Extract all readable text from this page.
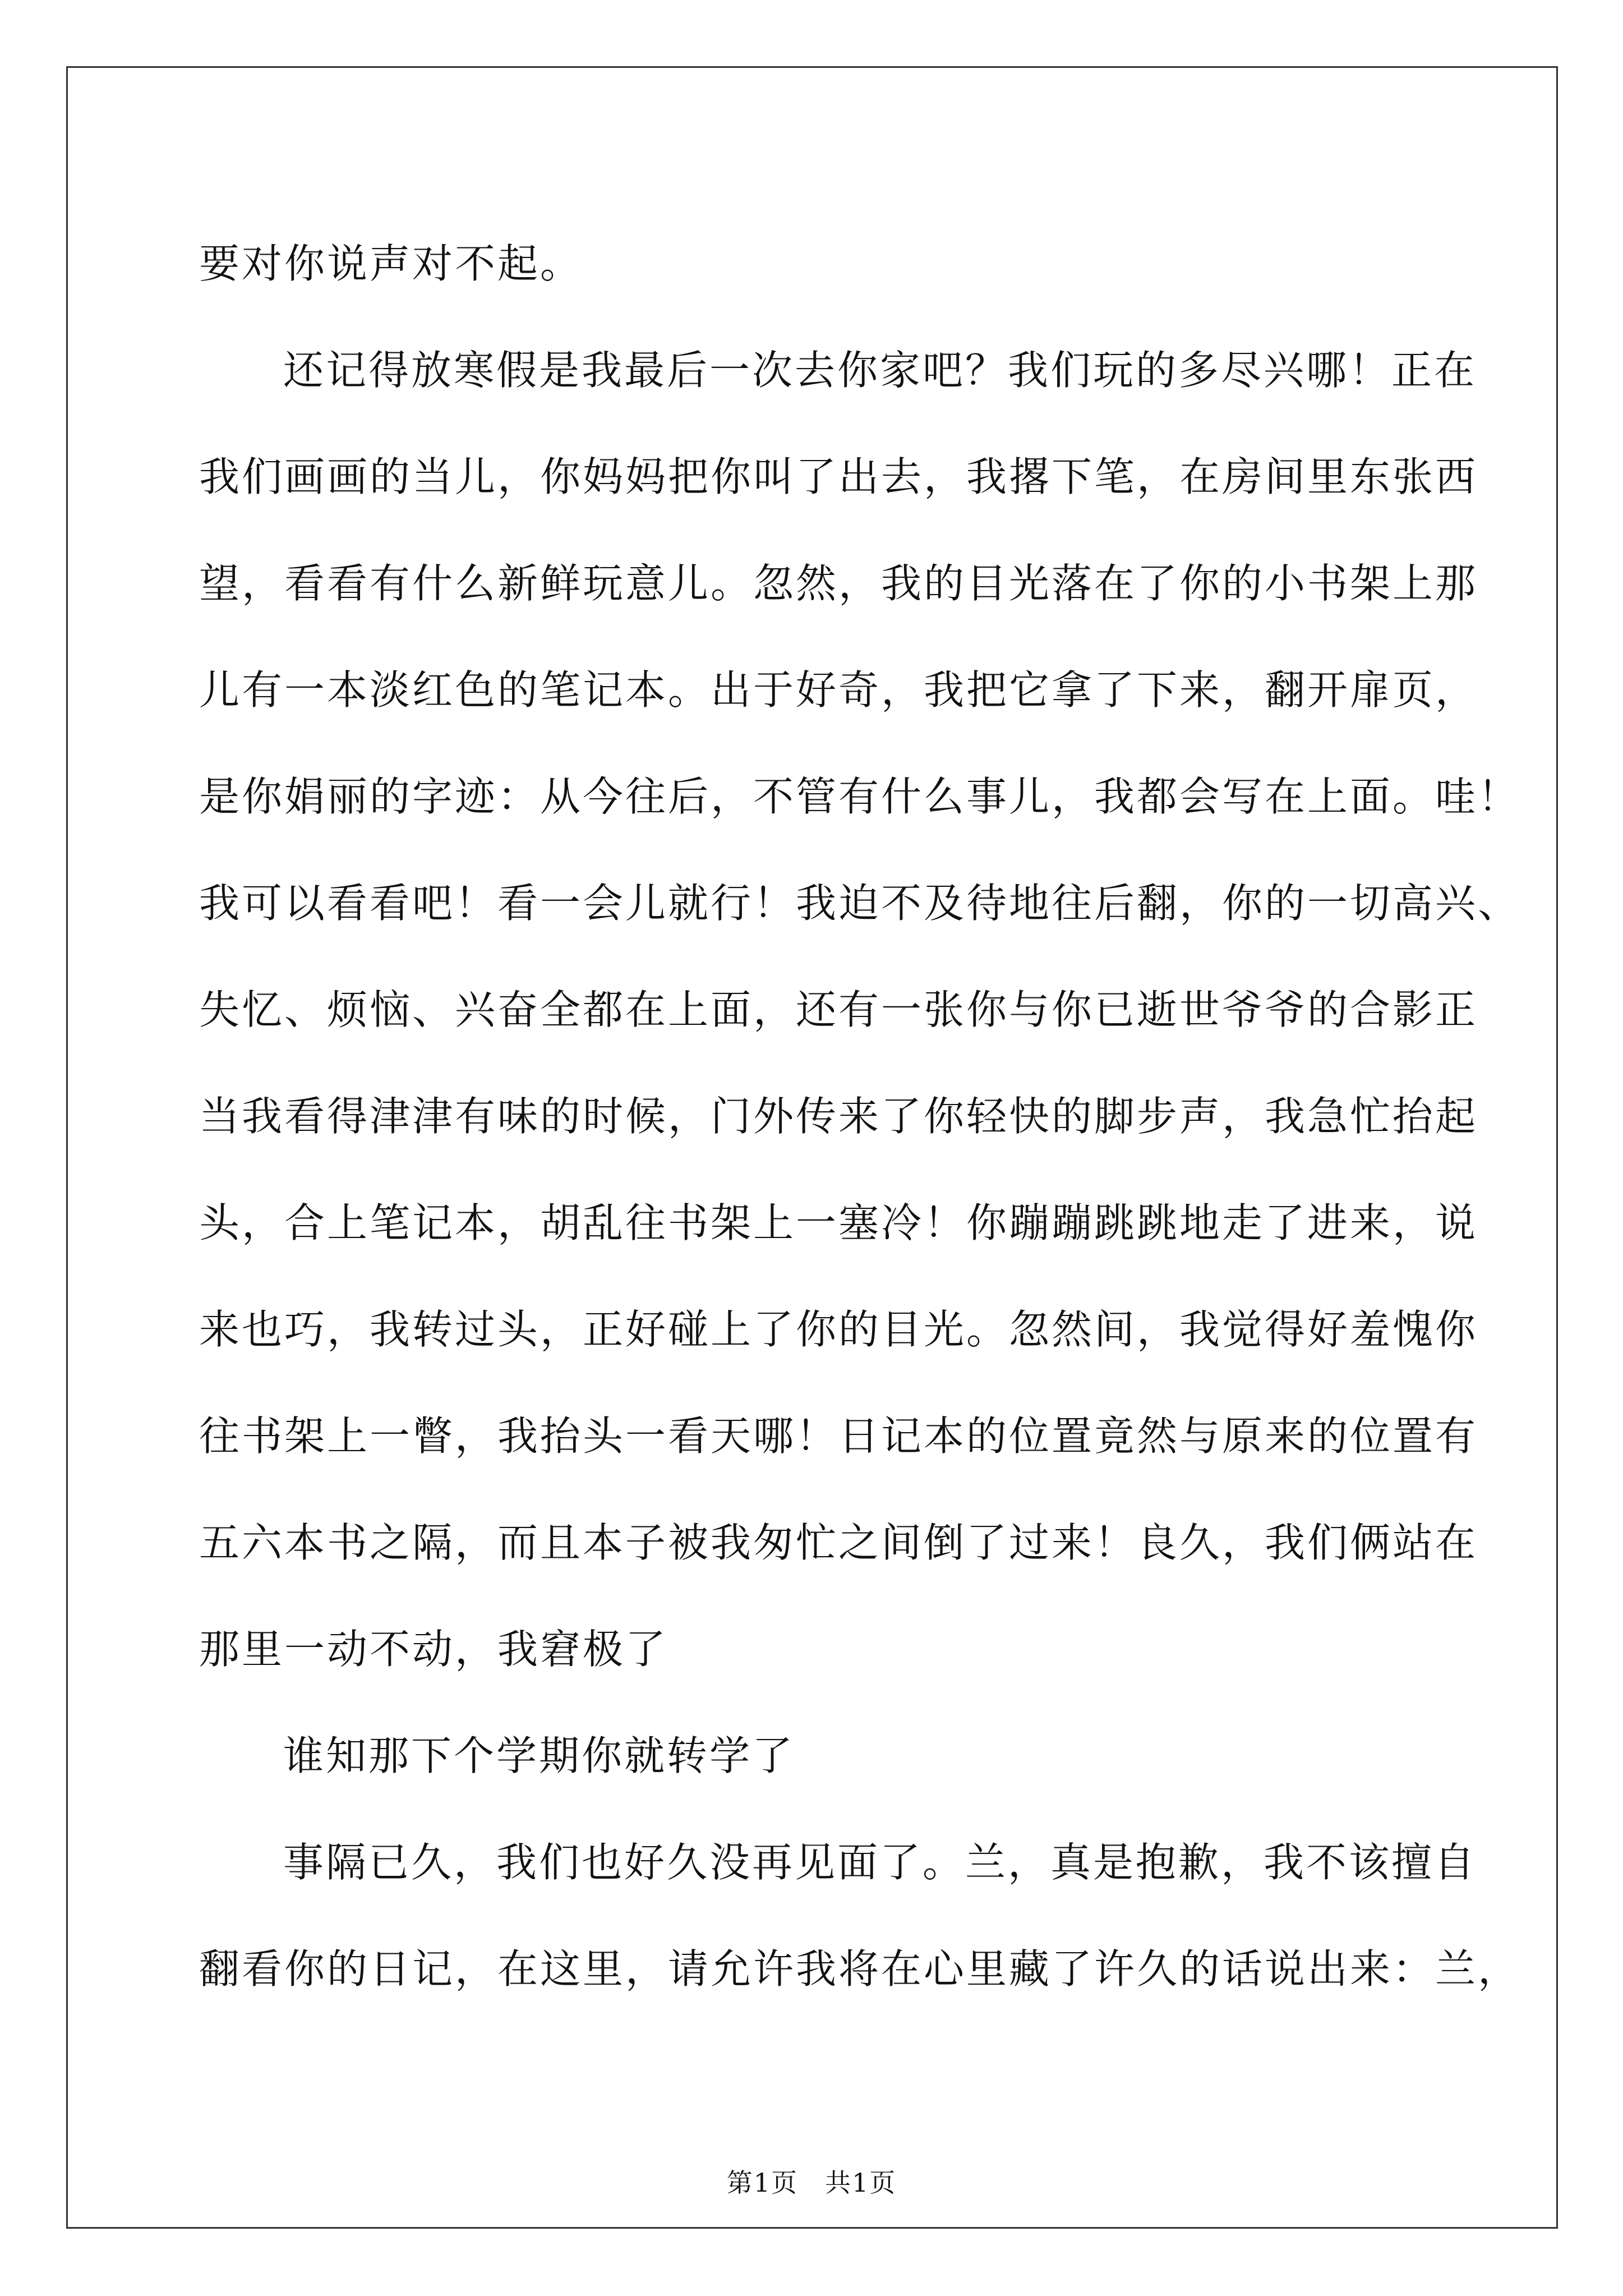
要对你说声对不起。
还记得放寒假是我最后一次去你家吧？我们玩的多尽兴哪！正在
我们画画的当儿，你妈妈把你叫了出去，我撂下笔，在房间里东张西
望，看看有什么新鲜玩意儿。忽然，我的目光落在了你的小书架上那
儿有一本淡红色的笔记本。出于好奇，我把它拿了下来，翻开扉页，
是你娟丽的字迹：从今往后，不管有什么事儿，我都会写在上面。哇！
我可以看看吧！看一会儿就行！我迫不及待地往后翻，你的一切高兴、
失忆、烦恼、兴奋全都在上面，还有一张你与你已逝世爷爷的合影正
当我看得津津有味的时候，门外传来了你轻快的脚步声，我急忙抬起
头，合上笔记本，胡乱往书架上一塞冷！你蹦蹦跳跳地走了进来，说
来也巧，我转过头，正好碰上了你的目光。忽然间，我觉得好羞愧你
往书架上一瞥，我抬头一看天哪！日记本的位置竟然与原来的位置有
五六本书之隔，而且本子被我匆忙之间倒了过来！良久，我们俩站在
那里一动不动，我窘极了
谁知那下个学期你就转学了
事隔已久，我们也好久没再见面了。兰，真是抱歉，我不该擅自
翻看你的日记，在这里，请允许我将在心里藏了许久的话说出来：兰，
第1页　共1页
